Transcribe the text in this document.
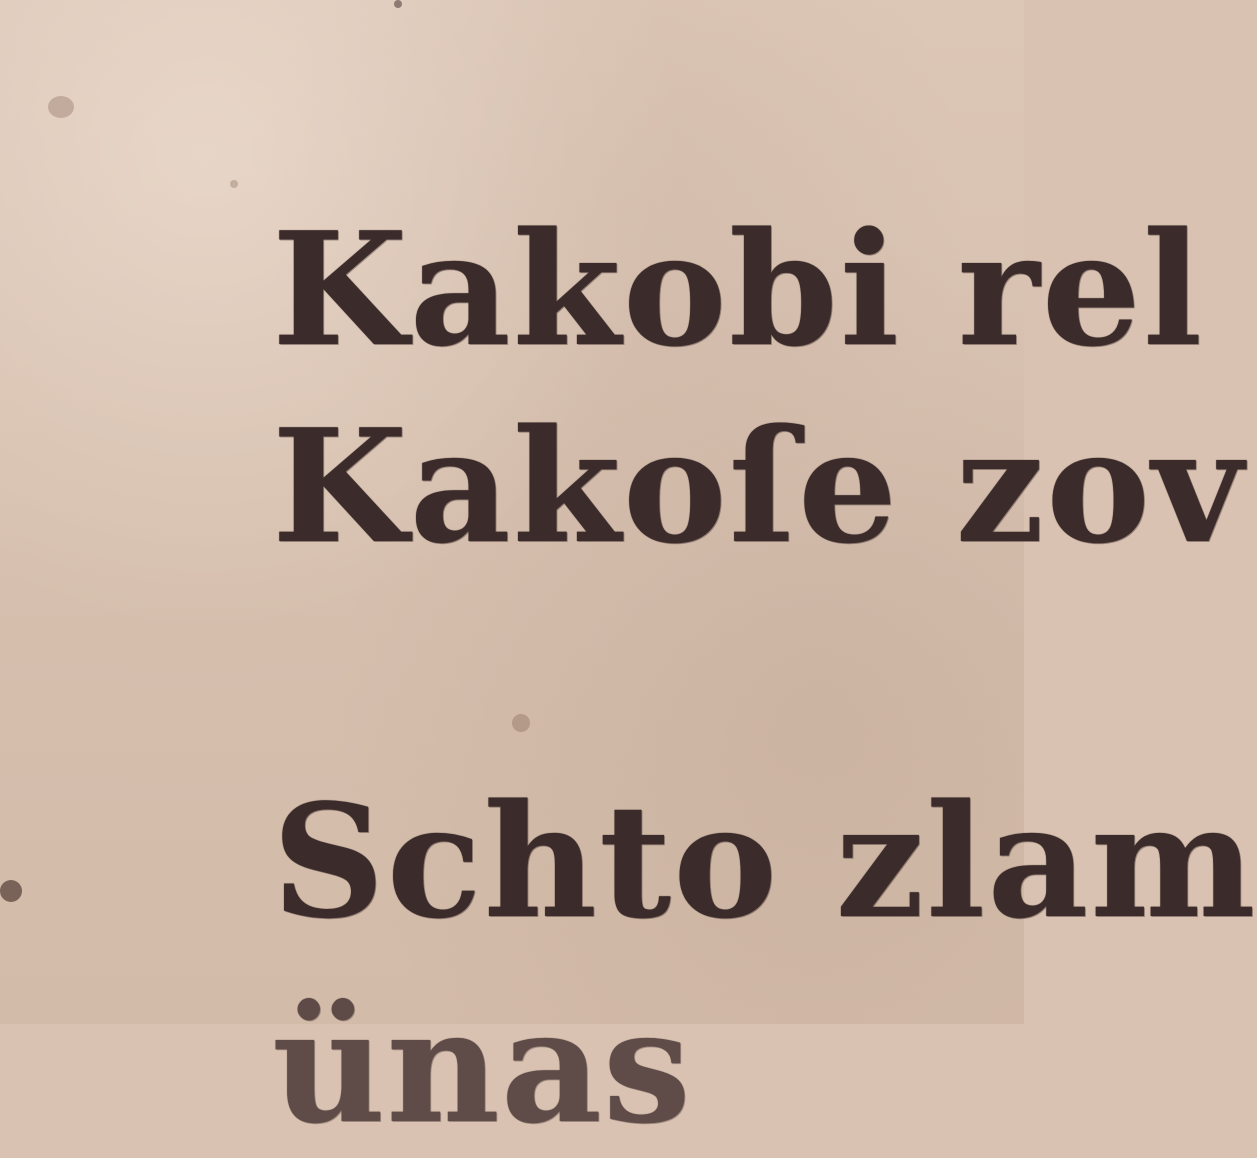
Kakobi rel

Kakoſe zov

Schto zlam

ünas
